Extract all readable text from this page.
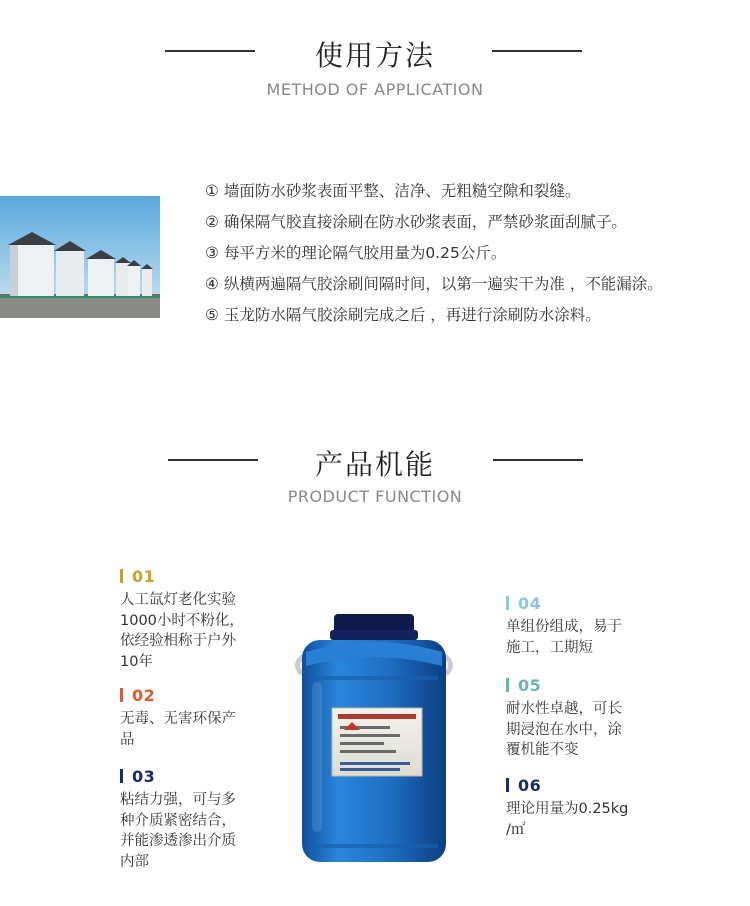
使用方法
METHOD OF APPLICATION
① 墙面防水砂浆表面平整、洁净、无粗糙空隙和裂缝。
② 确保隔气胶直接涂刷在防水砂浆表面，严禁砂浆面刮腻子。
③ 每平方米的理论隔气胶用量为0.25公斤。
④ 纵横两遍隔气胶涂刷间隔时间，以第一遍实干为准 ，不能漏涂。
⑤ 玉龙防水隔气胶涂刷完成之后 ，再进行涂刷防水涂料。
产品机能
PRODUCT FUNCTION
01
人工氙灯老化实验
1000小时不粉化，
依经验相称于户外
10年
02
无毒、无害环保产
品
03
粘结力强，可与多
种介质紧密结合，
并能渗透渗出介质
内部
04
单组份组成，易于
施工，工期短
05
耐水性卓越，可长
期浸泡在水中，涂
覆机能不变
06
理论用量为0.25kg
/㎡
